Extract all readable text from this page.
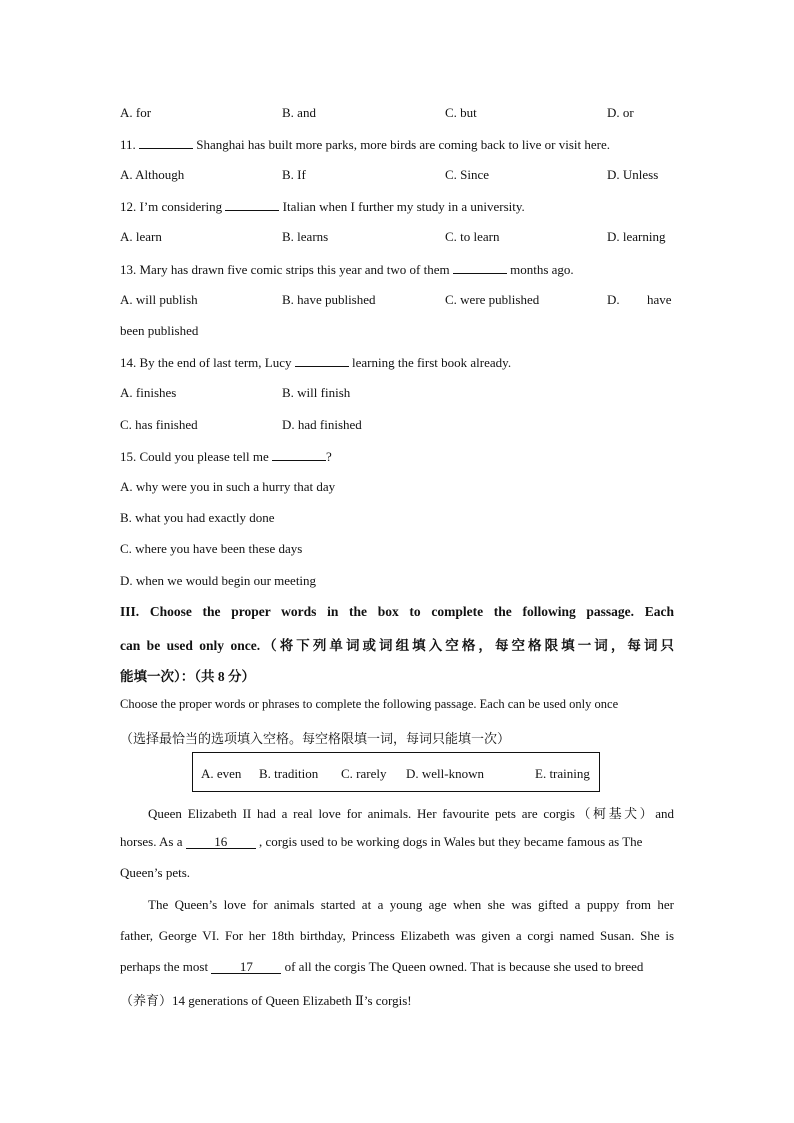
A. for	B. and	C. but	D. or
11.	Shanghai has built more parks, more birds are coming back to live or visit here.
A. Although	B. If	C. Since	D. Unless
12. I’m considering	Italian when I further my study in a university.
A. learn	B. learns	C. to learn	D. learning
13. Mary has drawn five comic strips this year and two of them	months ago.
A. will publish	B. have published	C. were published	D. have
been published
14. By the end of last term, Lucy	learning the first book already.
A. finishes	B. will finish
C. has finished	D. had finished
15. Could you please tell me	?
A. why were you in such a hurry that day
B. what you had exactly done
C. where you have been these days
D. when we would begin our meeting
III. Choose the proper words in the box to complete the following passage. Each
can be used only once.（将下列单词或词组填入空格，每空格限填一词，每词只
能填一次）：（共 8 分）
Choose the proper words or phrases to complete the following passage. Each can be used only once
（选择最恰当的选项填入空格。每空格限填一词，每词只能填一次）
A. even B. tradition C. rarely D. well-known	E. training
Queen Elizabeth II had a real love for animals. Her favourite pets are corgis（柯基犬）and
horses. As a 16 , corgis used to be working dogs in Wales but they became famous as The
Queen’s pets.
The Queen’s love for animals started at a young age when she was gifted a puppy from her
father, George VI. For her 18th birthday, Princess Elizabeth was given a corgi named Susan. She is
perhaps the most 17 of all the corgis The Queen owned. That is because she used to breed
（养育）14 generations of Queen Elizabeth Ⅱ’s corgis!
